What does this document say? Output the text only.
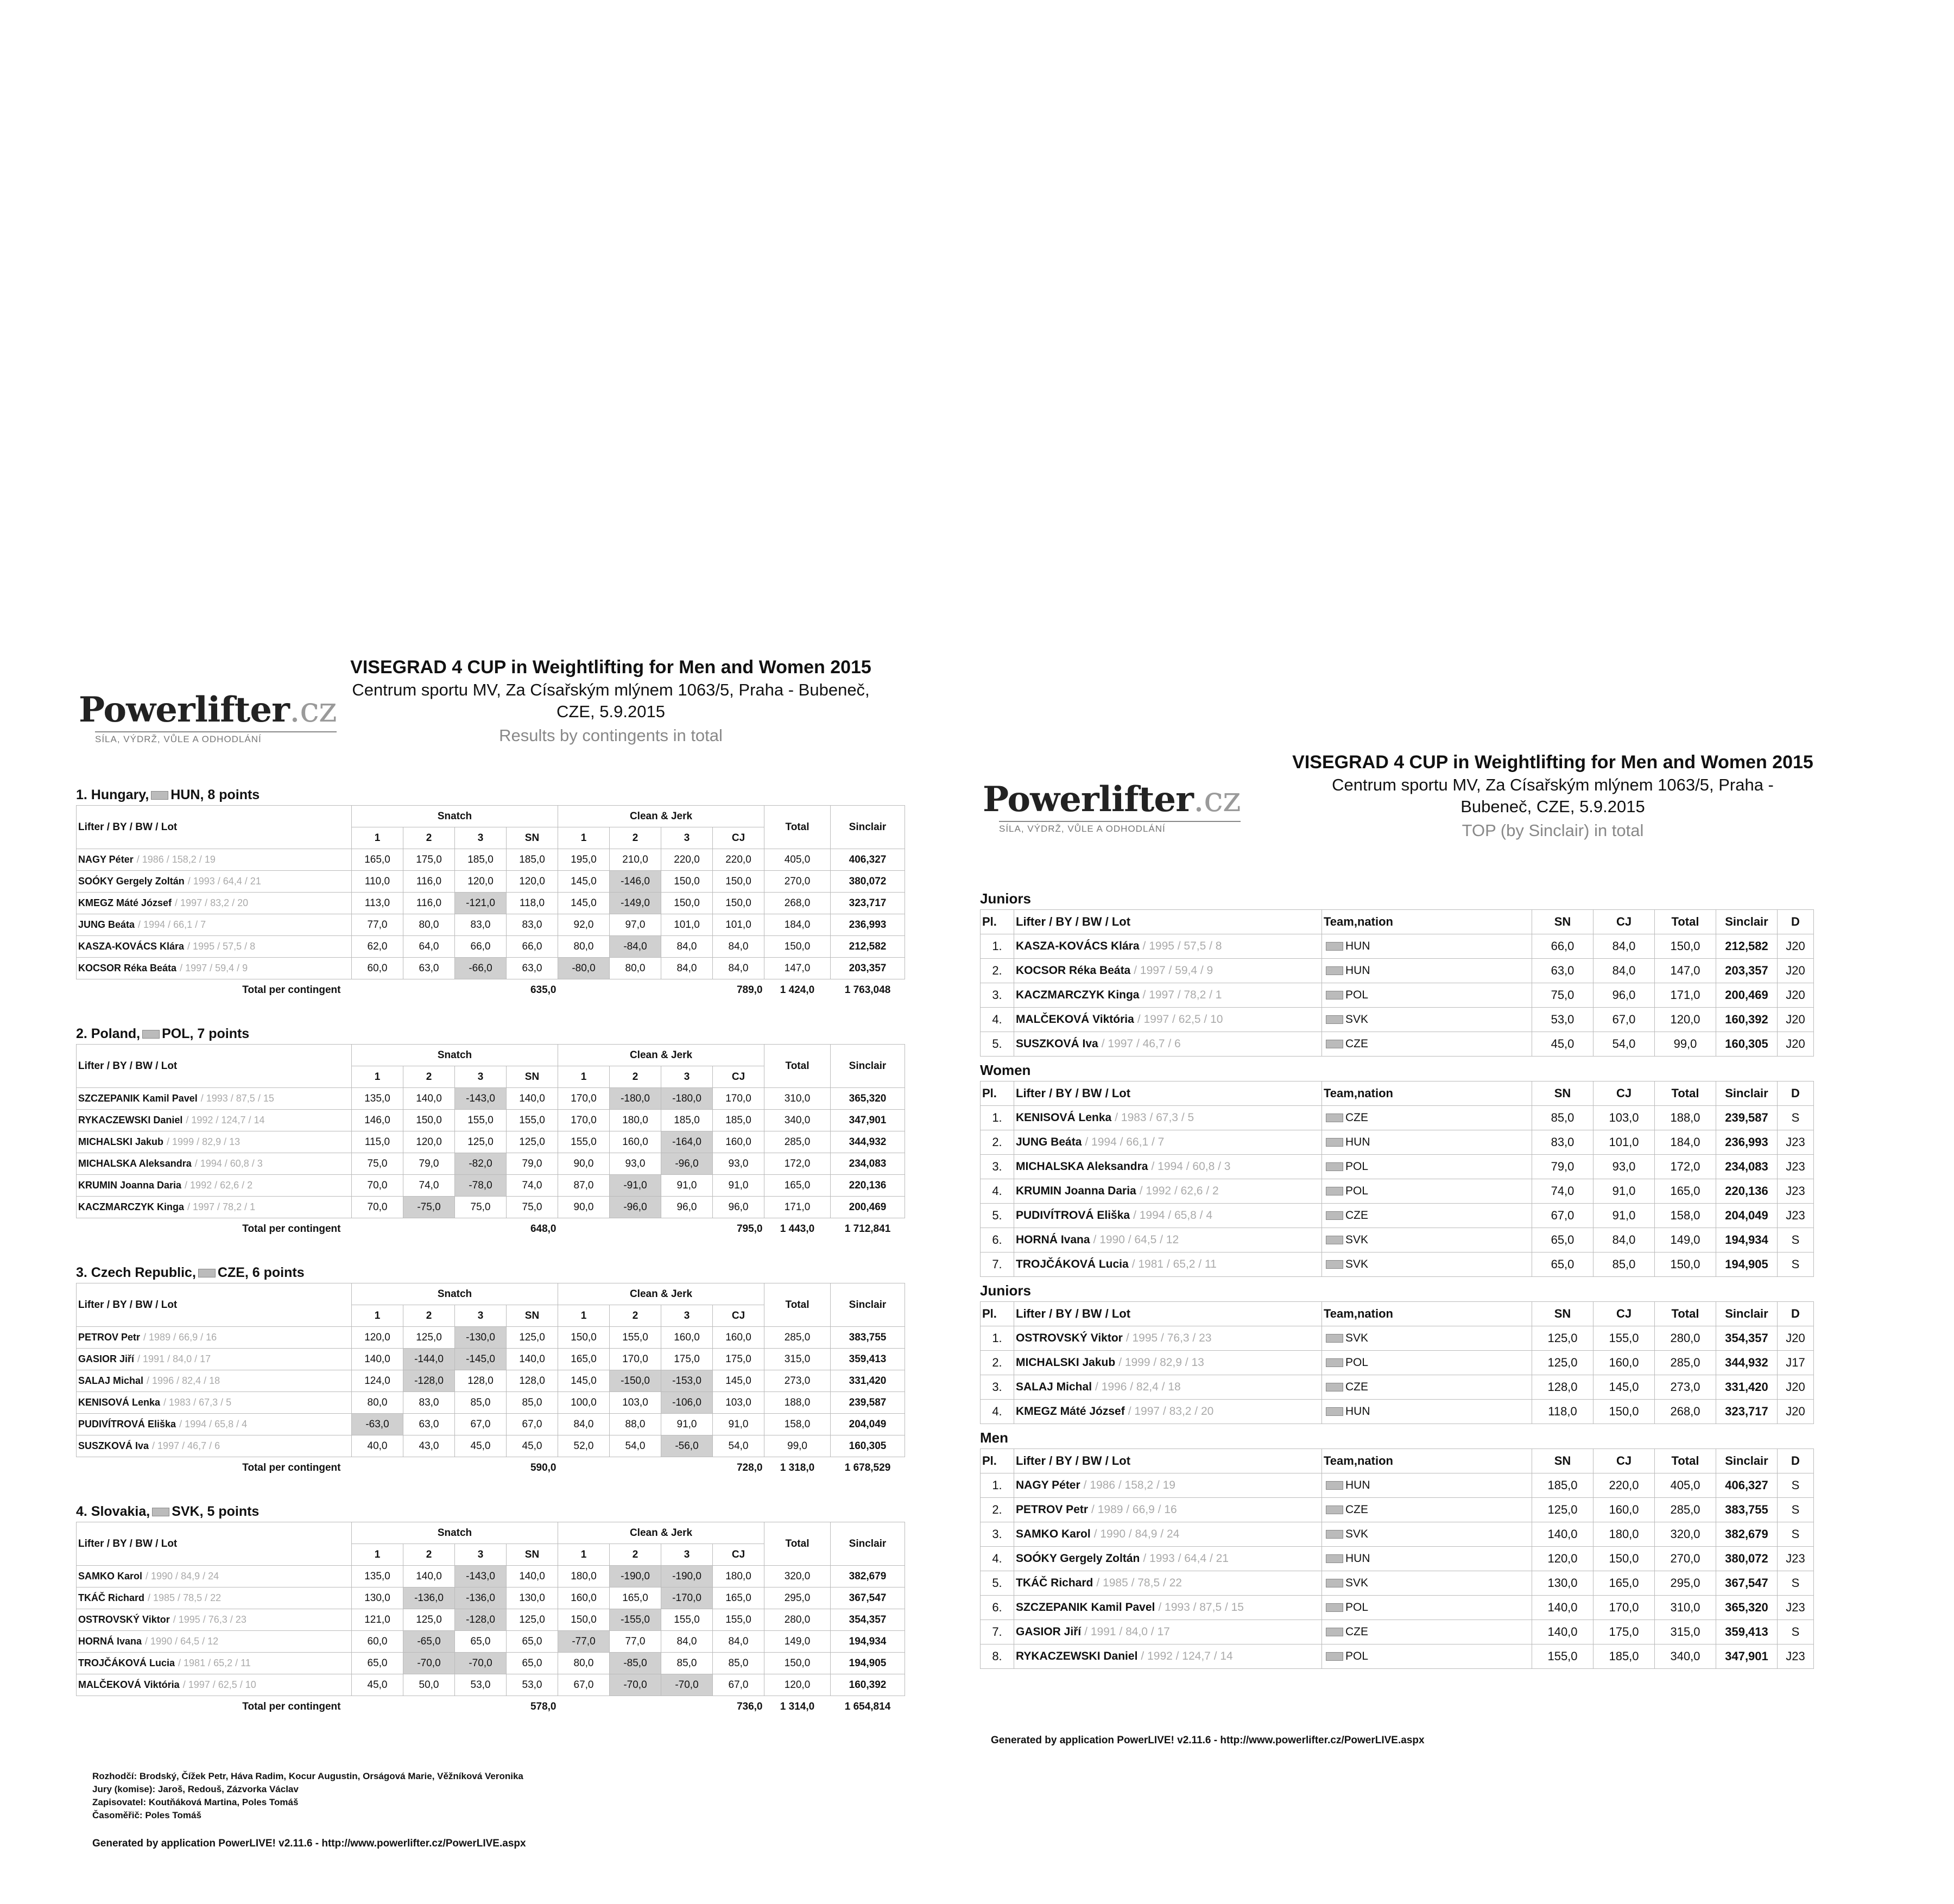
Powerlifter.cz
SÍLA, VÝDRŽ, VŮLE A ODHODLÁNÍ
VISEGRAD 4 CUP in Weightlifting for Men and Women 2015
Centrum sportu MV, Za Císařským mlýnem 1063/5, Praha - Bubeneč,
CZE, 5.9.2015
Results by contingents in total
1. Hungary, HUN, 8 points
Lifter / BY / BW / Lot	Snatch				Clean & Jerk				Total	Sinclair
	1	2	3	SN	1	2	3	CJ		
NAGY Péter / 1986 / 158,2 / 19	165,0	175,0	185,0	185,0	195,0	210,0	220,0	220,0	405,0	406,327
SOÓKY Gergely Zoltán / 1993 / 64,4 / 21	110,0	116,0	120,0	120,0	145,0	-146,0	150,0	150,0	270,0	380,072
KMEGZ Máté József / 1997 / 83,2 / 20	113,0	116,0	-121,0	118,0	145,0	-149,0	150,0	150,0	268,0	323,717
JUNG Beáta / 1994 / 66,1 / 7	77,0	80,0	83,0	83,0	92,0	97,0	101,0	101,0	184,0	236,993
KASZA-KOVÁCS Klára / 1995 / 57,5 / 8	62,0	64,0	66,0	66,0	80,0	-84,0	84,0	84,0	150,0	212,582
KOCSOR Réka Beáta / 1997 / 59,4 / 9	60,0	63,0	-66,0	63,0	-80,0	80,0	84,0	84,0	147,0	203,357
Total per contingent	635,0				789,0				1 424,0	1 763,048
2. Poland, POL, 7 points
Lifter / BY / BW / Lot	Snatch				Clean & Jerk				Total	Sinclair
	1	2	3	SN	1	2	3	CJ		
SZCZEPANIK Kamil Pavel / 1993 / 87,5 / 15	135,0	140,0	-143,0	140,0	170,0	-180,0	-180,0	170,0	310,0	365,320
RYKACZEWSKI Daniel / 1992 / 124,7 / 14	146,0	150,0	155,0	155,0	170,0	180,0	185,0	185,0	340,0	347,901
MICHALSKI Jakub / 1999 / 82,9 / 13	115,0	120,0	125,0	125,0	155,0	160,0	-164,0	160,0	285,0	344,932
MICHALSKA Aleksandra / 1994 / 60,8 / 3	75,0	79,0	-82,0	79,0	90,0	93,0	-96,0	93,0	172,0	234,083
KRUMIN Joanna Daria / 1992 / 62,6 / 2	70,0	74,0	-78,0	74,0	87,0	-91,0	91,0	91,0	165,0	220,136
KACZMARCZYK Kinga / 1997 / 78,2 / 1	70,0	-75,0	75,0	75,0	90,0	-96,0	96,0	96,0	171,0	200,469
Total per contingent	648,0				795,0				1 443,0	1 712,841
3. Czech Republic, CZE, 6 points
Lifter / BY / BW / Lot	Snatch				Clean & Jerk				Total	Sinclair
	1	2	3	SN	1	2	3	CJ		
PETROV Petr / 1989 / 66,9 / 16	120,0	125,0	-130,0	125,0	150,0	155,0	160,0	160,0	285,0	383,755
GASIOR Jiří / 1991 / 84,0 / 17	140,0	-144,0	-145,0	140,0	165,0	170,0	175,0	175,0	315,0	359,413
SALAJ Michal / 1996 / 82,4 / 18	124,0	-128,0	128,0	128,0	145,0	-150,0	-153,0	145,0	273,0	331,420
KENISOVÁ Lenka / 1983 / 67,3 / 5	80,0	83,0	85,0	85,0	100,0	103,0	-106,0	103,0	188,0	239,587
PUDIVÍTROVÁ Eliška / 1994 / 65,8 / 4	-63,0	63,0	67,0	67,0	84,0	88,0	91,0	91,0	158,0	204,049
SUSZKOVÁ Iva / 1997 / 46,7 / 6	40,0	43,0	45,0	45,0	52,0	54,0	-56,0	54,0	99,0	160,305
Total per contingent	590,0				728,0				1 318,0	1 678,529
4. Slovakia, SVK, 5 points
Lifter / BY / BW / Lot	Snatch				Clean & Jerk				Total	Sinclair
	1	2	3	SN	1	2	3	CJ		
SAMKO Karol / 1990 / 84,9 / 24	135,0	140,0	-143,0	140,0	180,0	-190,0	-190,0	180,0	320,0	382,679
TKÁČ Richard / 1985 / 78,5 / 22	130,0	-136,0	-136,0	130,0	160,0	165,0	-170,0	165,0	295,0	367,547
OSTROVSKÝ Viktor / 1995 / 76,3 / 23	121,0	125,0	-128,0	125,0	150,0	-155,0	155,0	155,0	280,0	354,357
HORNÁ Ivana / 1990 / 64,5 / 12	60,0	-65,0	65,0	65,0	-77,0	77,0	84,0	84,0	149,0	194,934
TROJČÁKOVÁ Lucia / 1981 / 65,2 / 11	65,0	-70,0	-70,0	65,0	80,0	-85,0	85,0	85,0	150,0	194,905
MALČEKOVÁ Viktória / 1997 / 62,5 / 10	45,0	50,0	53,0	53,0	67,0	-70,0	-70,0	67,0	120,0	160,392
Total per contingent	578,0				736,0				1 314,0	1 654,814
Rozhodčí: Brodský, Čížek Petr, Háva Radim, Kocur Augustin, Orságová Marie, Věžníková Veronika
Jury (komise): Jaroš, Redouš, Zázvorka Václav
Zapisovatel: Koutňáková Martina, Poles Tomáš
Časoměřič: Poles Tomáš
Generated by application PowerLIVE! v2.11.6 - http://www.powerlifter.cz/PowerLIVE.aspx
Powerlifter.cz
SÍLA, VÝDRŽ, VŮLE A ODHODLÁNÍ
VISEGRAD 4 CUP in Weightlifting for Men and Women 2015
Centrum sportu MV, Za Císařským mlýnem 1063/5, Praha -
Bubeneč, CZE, 5.9.2015
TOP (by Sinclair) in total
Juniors
Pl.	Lifter / BY / BW / Lot	Team,nation	SN	CJ	Total	Sinclair	D
1.	KASZA-KOVÁCS Klára / 1995 / 57,5 / 8	HUN	66,0	84,0	150,0	212,582	J20
2.	KOCSOR Réka Beáta / 1997 / 59,4 / 9	HUN	63,0	84,0	147,0	203,357	J20
3.	KACZMARCZYK Kinga / 1997 / 78,2 / 1	POL	75,0	96,0	171,0	200,469	J20
4.	MALČEKOVÁ Viktória / 1997 / 62,5 / 10	SVK	53,0	67,0	120,0	160,392	J20
5.	SUSZKOVÁ Iva / 1997 / 46,7 / 6	CZE	45,0	54,0	99,0	160,305	J20
Women
Pl.	Lifter / BY / BW / Lot	Team,nation	SN	CJ	Total	Sinclair	D
1.	KENISOVÁ Lenka / 1983 / 67,3 / 5	CZE	85,0	103,0	188,0	239,587	S
2.	JUNG Beáta / 1994 / 66,1 / 7	HUN	83,0	101,0	184,0	236,993	J23
3.	MICHALSKA Aleksandra / 1994 / 60,8 / 3	POL	79,0	93,0	172,0	234,083	J23
4.	KRUMIN Joanna Daria / 1992 / 62,6 / 2	POL	74,0	91,0	165,0	220,136	J23
5.	PUDIVÍTROVÁ Eliška / 1994 / 65,8 / 4	CZE	67,0	91,0	158,0	204,049	J23
6.	HORNÁ Ivana / 1990 / 64,5 / 12	SVK	65,0	84,0	149,0	194,934	S
7.	TROJČÁKOVÁ Lucia / 1981 / 65,2 / 11	SVK	65,0	85,0	150,0	194,905	S
Juniors
Pl.	Lifter / BY / BW / Lot	Team,nation	SN	CJ	Total	Sinclair	D
1.	OSTROVSKÝ Viktor / 1995 / 76,3 / 23	SVK	125,0	155,0	280,0	354,357	J20
2.	MICHALSKI Jakub / 1999 / 82,9 / 13	POL	125,0	160,0	285,0	344,932	J17
3.	SALAJ Michal / 1996 / 82,4 / 18	CZE	128,0	145,0	273,0	331,420	J20
4.	KMEGZ Máté József / 1997 / 83,2 / 20	HUN	118,0	150,0	268,0	323,717	J20
Men
Pl.	Lifter / BY / BW / Lot	Team,nation	SN	CJ	Total	Sinclair	D
1.	NAGY Péter / 1986 / 158,2 / 19	HUN	185,0	220,0	405,0	406,327	S
2.	PETROV Petr / 1989 / 66,9 / 16	CZE	125,0	160,0	285,0	383,755	S
3.	SAMKO Karol / 1990 / 84,9 / 24	SVK	140,0	180,0	320,0	382,679	S
4.	SOÓKY Gergely Zoltán / 1993 / 64,4 / 21	HUN	120,0	150,0	270,0	380,072	J23
5.	TKÁČ Richard / 1985 / 78,5 / 22	SVK	130,0	165,0	295,0	367,547	S
6.	SZCZEPANIK Kamil Pavel / 1993 / 87,5 / 15	POL	140,0	170,0	310,0	365,320	J23
7.	GASIOR Jiří / 1991 / 84,0 / 17	CZE	140,0	175,0	315,0	359,413	S
8.	RYKACZEWSKI Daniel / 1992 / 124,7 / 14	POL	155,0	185,0	340,0	347,901	J23
Generated by application PowerLIVE! v2.11.6 - http://www.powerlifter.cz/PowerLIVE.aspx
